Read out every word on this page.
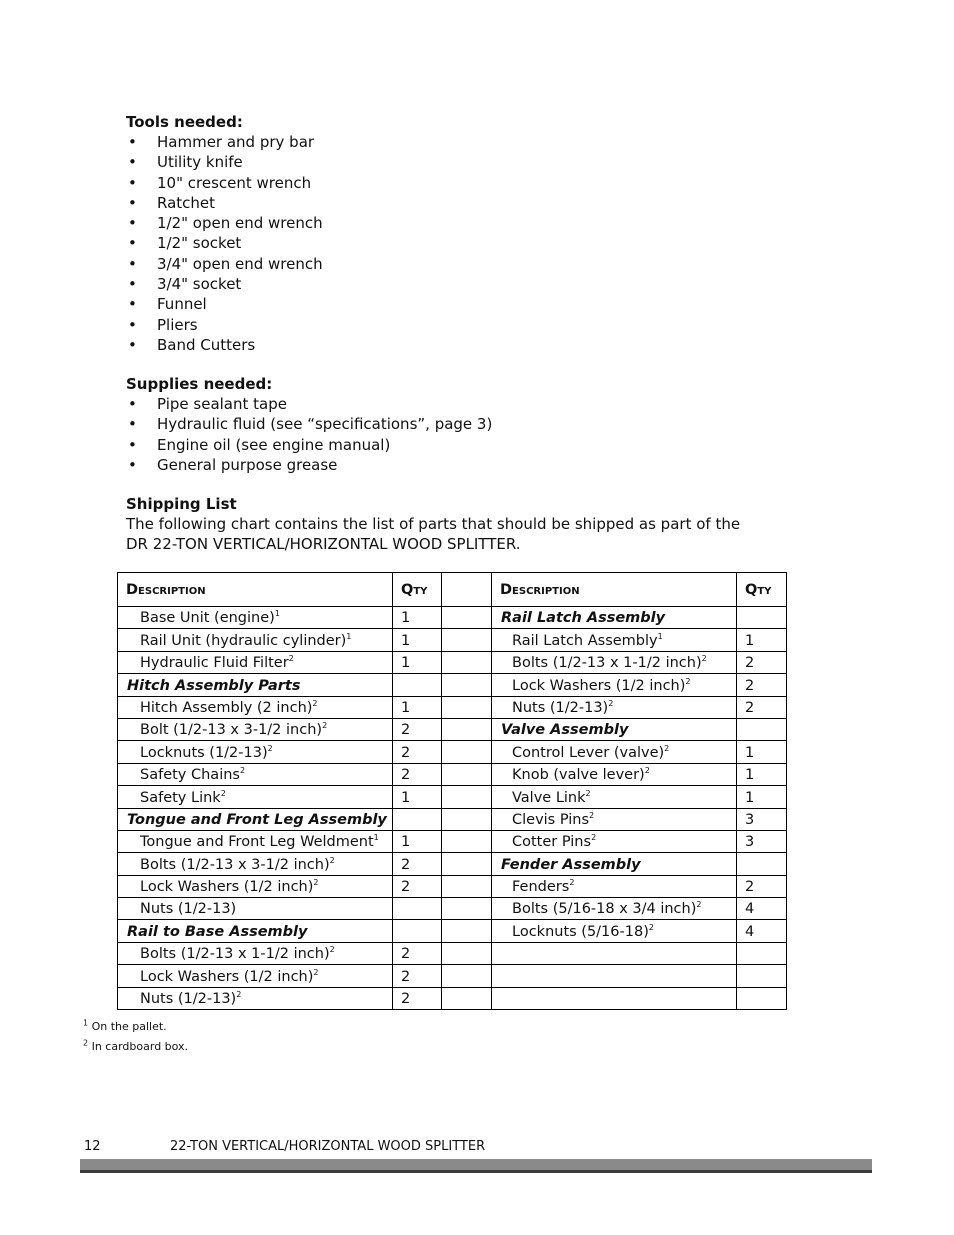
Tools needed:
• Hammer and pry bar
• Utility knife
• 10" crescent wrench
• Ratchet
• 1/2" open end wrench
• 1/2" socket
• 3/4" open end wrench
• 3/4" socket
• Funnel
• Pliers
• Band Cutters
Supplies needed:
• Pipe sealant tape
• Hydraulic fluid (see “specifications”, page 3)
• Engine oil (see engine manual)
• General purpose grease
Shipping List
The following chart contains the list of parts that should be shipped as part of the
DR 22-TON VERTICAL/HORIZONTAL WOOD SPLITTER.
Description	Qty		Description	Qty
Base Unit (engine)$^1$	1		Rail Latch Assembly	
Rail Unit (hydraulic cylinder)$^1$	1		Rail Latch Assembly$^1$	1
Hydraulic Fluid Filter$^2$	1		Bolts (1/2-13 x 1-1/2 inch)$^2$	2
Hitch Assembly Parts			Lock Washers (1/2 inch)$^2$	2
Hitch Assembly (2 inch)$^2$	1		Nuts $(1/2-13)^2$	2
Bolt (1/2-13 x 3-1/2 inch)$^2$	2		Valve Assembly	
Locknuts $(1/2-13)^2$	2		Control Lever (valve)$^2$	1
Safety Chains$^2$	2		Knob (valve lever)$^2$	1
Safety Link$^2$	1		Valve Link$^2$	1
Tongue and Front Leg Assembly			Clevis Pins$^2$	3
Tongue and Front Leg Weldment$^1$	1		Cotter Pins$^2$	3
Bolts (1/2-13 x 3-1/2 inch)$^2$	2		Fender Assembly	
Lock Washers (1/2 inch)$^2$	2		Fenders$^2$	2
Nuts (1/2-13)			Bolts (5/16-18 x 3/4 inch)$^2$	4
Rail to Base Assembly			Locknuts $(5/16-18)^2$	4
Bolts (1/2-13 x 1-1/2 inch)$^2$	2			
Lock Washers (1/2 inch)$^2$	2			
Nuts $(1/2-13)^2$	2			
$^1$ On the pallet.
$^2$ In cardboard box.
12	22-TON VERTICAL/HORIZONTAL WOOD SPLITTER
